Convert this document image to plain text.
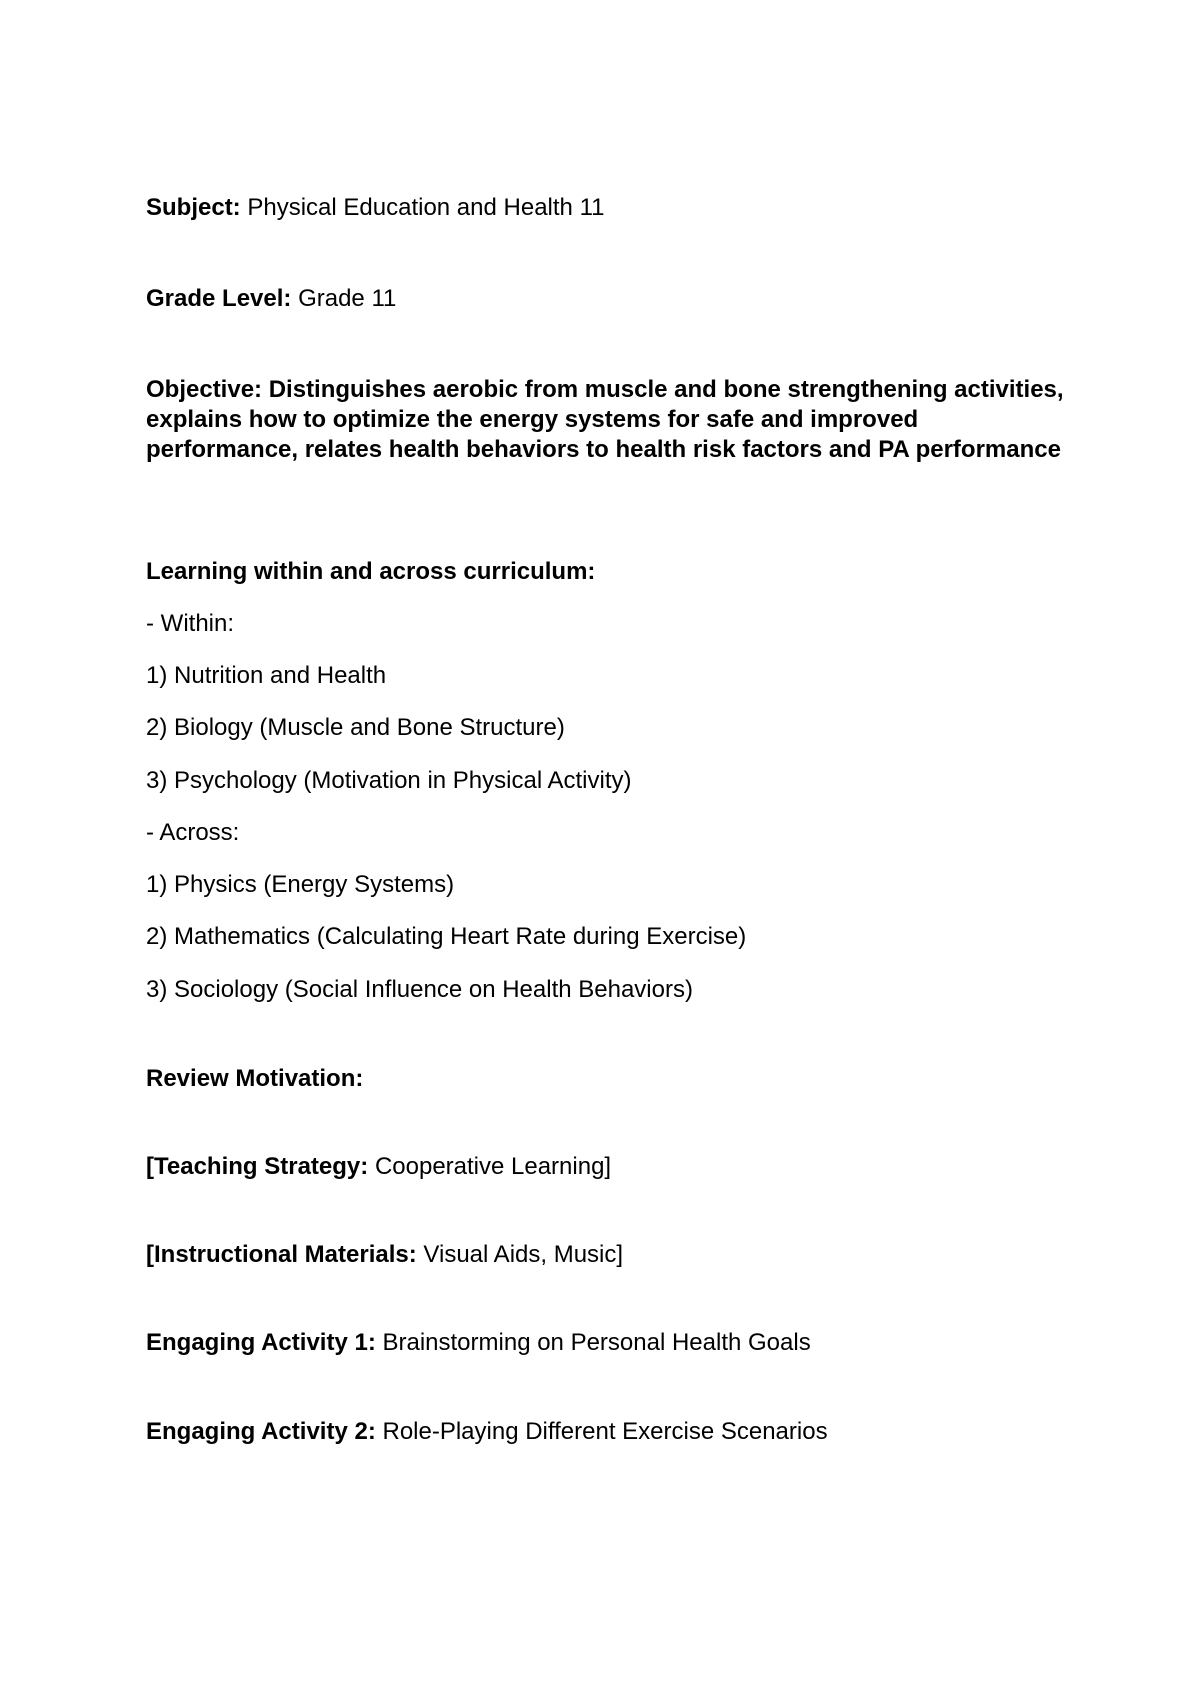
Subject: Physical Education and Health 11
Grade Level: Grade 11
Objective: Distinguishes aerobic from muscle and bone strengthening activities, explains how to optimize the energy systems for safe and improved performance, relates health behaviors to health risk factors and PA performance
Learning within and across curriculum:
- Within:
1) Nutrition and Health
2) Biology (Muscle and Bone Structure)
3) Psychology (Motivation in Physical Activity)
- Across:
1) Physics (Energy Systems)
2) Mathematics (Calculating Heart Rate during Exercise)
3) Sociology (Social Influence on Health Behaviors)
Review Motivation:
[Teaching Strategy: Cooperative Learning]
[Instructional Materials: Visual Aids, Music]
Engaging Activity 1: Brainstorming on Personal Health Goals
Engaging Activity 2: Role-Playing Different Exercise Scenarios
